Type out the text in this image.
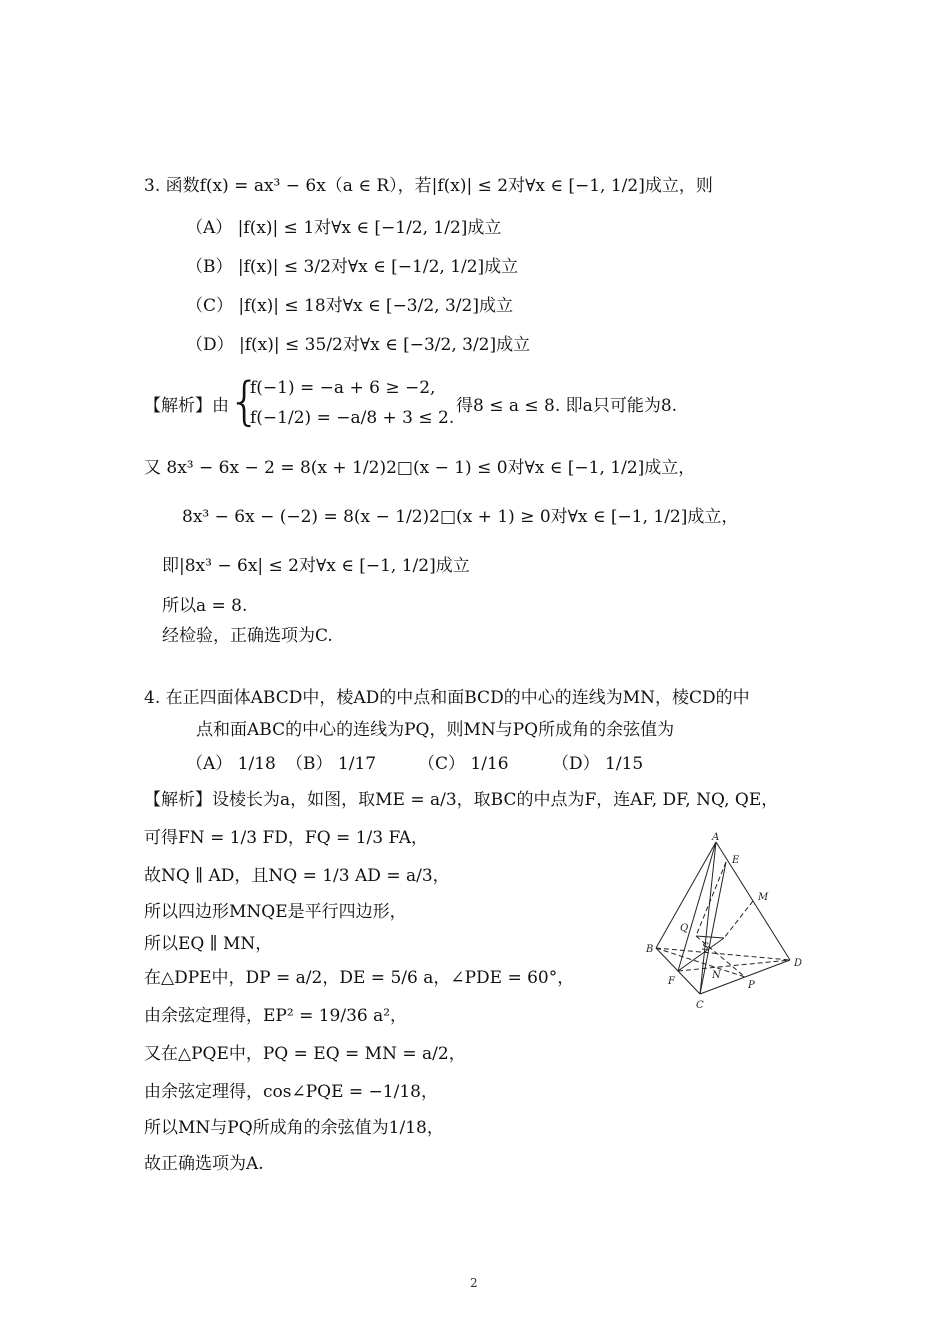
3. 函数f(x) = ax³ − 6x（a ∈ R），若|f(x)| ≤ 2对∀x ∈ [−1, 1/2]成立，则
（A） |f(x)| ≤ 1对∀x ∈ [−1/2, 1/2]成立
（B） |f(x)| ≤ 3/2对∀x ∈ [−1/2, 1/2]成立
（C） |f(x)| ≤ 18对∀x ∈ [−3/2, 3/2]成立
（D） |f(x)| ≤ 35/2对∀x ∈ [−3/2, 3/2]成立
【解析】由 {
f(−1) = −a + 6 ≥ −2,
f(−1/2) = −a/8 + 3 ≤ 2.
得8 ≤ a ≤ 8. 即a只可能为8.
又 8x³ − 6x − 2 = 8(x + 1/2)2□(x − 1) ≤ 0对∀x ∈ [−1, 1/2]成立，
8x³ − 6x − (−2) = 8(x − 1/2)2□(x + 1) ≥ 0对∀x ∈ [−1, 1/2]成立，
即|8x³ − 6x| ≤ 2对∀x ∈ [−1, 1/2]成立
所以a = 8.
经检验，正确选项为C.
4. 在正四面体ABCD中，棱AD的中点和面BCD的中心的连线为MN，棱CD的中
点和面ABC的中心的连线为PQ，则MN与PQ所成角的余弦值为
（A） 1/18 （B） 1/17 （C） 1/16	（D） 1/15
【解析】设棱长为a，如图，取ME = a/3，取BC的中点为F，连AF, DF, NQ, QE，
可得FN = 1/3 FD，FQ = 1/3 FA，
故NQ ∥ AD，且NQ = 1/3 AD = a/3，
所以四边形MNQE是平行四边形，
所以EQ ∥ MN，
在△DPE中，DP = a/2，DE = 5/6 a，∠PDE = 60°，
由余弦定理得，EP² = 19/36 a²，
又在△PQE中，PQ = EQ = MN = a/2，
由余弦定理得，cos∠PQE = −1/18，
所以MN与PQ所成角的余弦值为1/18，
故正确选项为A.
A
E
M
Q
B	S
N
D
F	P
C
2
